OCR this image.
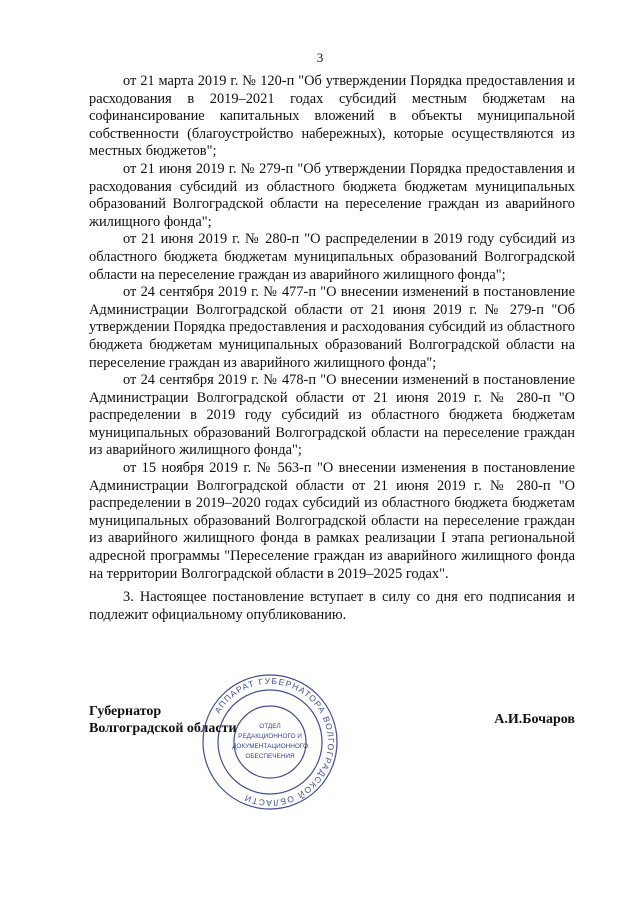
3

от 21 марта 2019 г. № 120-п "Об утверждении Порядка предоставления и расходования в 2019–2021 годах субсидий местным бюджетам на софинансирование капитальных вложений в объекты муниципальной собственности (благоустройство набережных), которые осуществляются из местных бюджетов";

от 21 июня 2019 г. № 279-п "Об утверждении Порядка предоставления и расходования субсидий из областного бюджета бюджетам муниципальных образований Волгоградской области на переселение граждан из аварийного жилищного фонда";

от 21 июня 2019 г. № 280-п "О распределении в 2019 году субсидий из областного бюджета бюджетам муниципальных образований Волгоградской области на переселение граждан из аварийного жилищного фонда";

от 24 сентября 2019 г. № 477-п "О внесении изменений в постановление Администрации Волгоградской области от 21 июня 2019 г. № 279-п "Об утверждении Порядка предоставления и расходования субсидий из областного бюджета бюджетам муниципальных образований Волгоградской области на переселение граждан из аварийного жилищного фонда";

от 24 сентября 2019 г. № 478-п "О внесении изменений в постановление Администрации Волгоградской области от 21 июня 2019 г. № 280-п "О распределении в 2019 году субсидий из областного бюджета бюджетам муниципальных образований Волгоградской области на переселение граждан из аварийного жилищного фонда";

от 15 ноября 2019 г. № 563-п "О внесении изменения в постановление Администрации Волгоградской области от 21 июня 2019 г. № 280-п "О распределении в 2019–2020 годах субсидий из областного бюджета бюджетам муниципальных образований Волгоградской области на переселение граждан из аварийного жилищного фонда в рамках реализации I этапа региональной адресной программы "Переселение граждан из аварийного жилищного фонда на территории Волгоградской области в 2019–2025 годах".

3. Настоящее постановление вступает в силу со дня его подписания и подлежит официальному опубликованию.

АППАРАТ ГУБЕРНАТОРА ВОЛГОГРАДСКОЙ ОБЛАСТИ
ОТДЕЛ
РЕДАКЦИОННОГО И
ДОКУМЕНТАЦИОННОГО
ОБЕСПЕЧЕНИЯ
Губернатор
Волгоградской области
А.И.Бочаров
